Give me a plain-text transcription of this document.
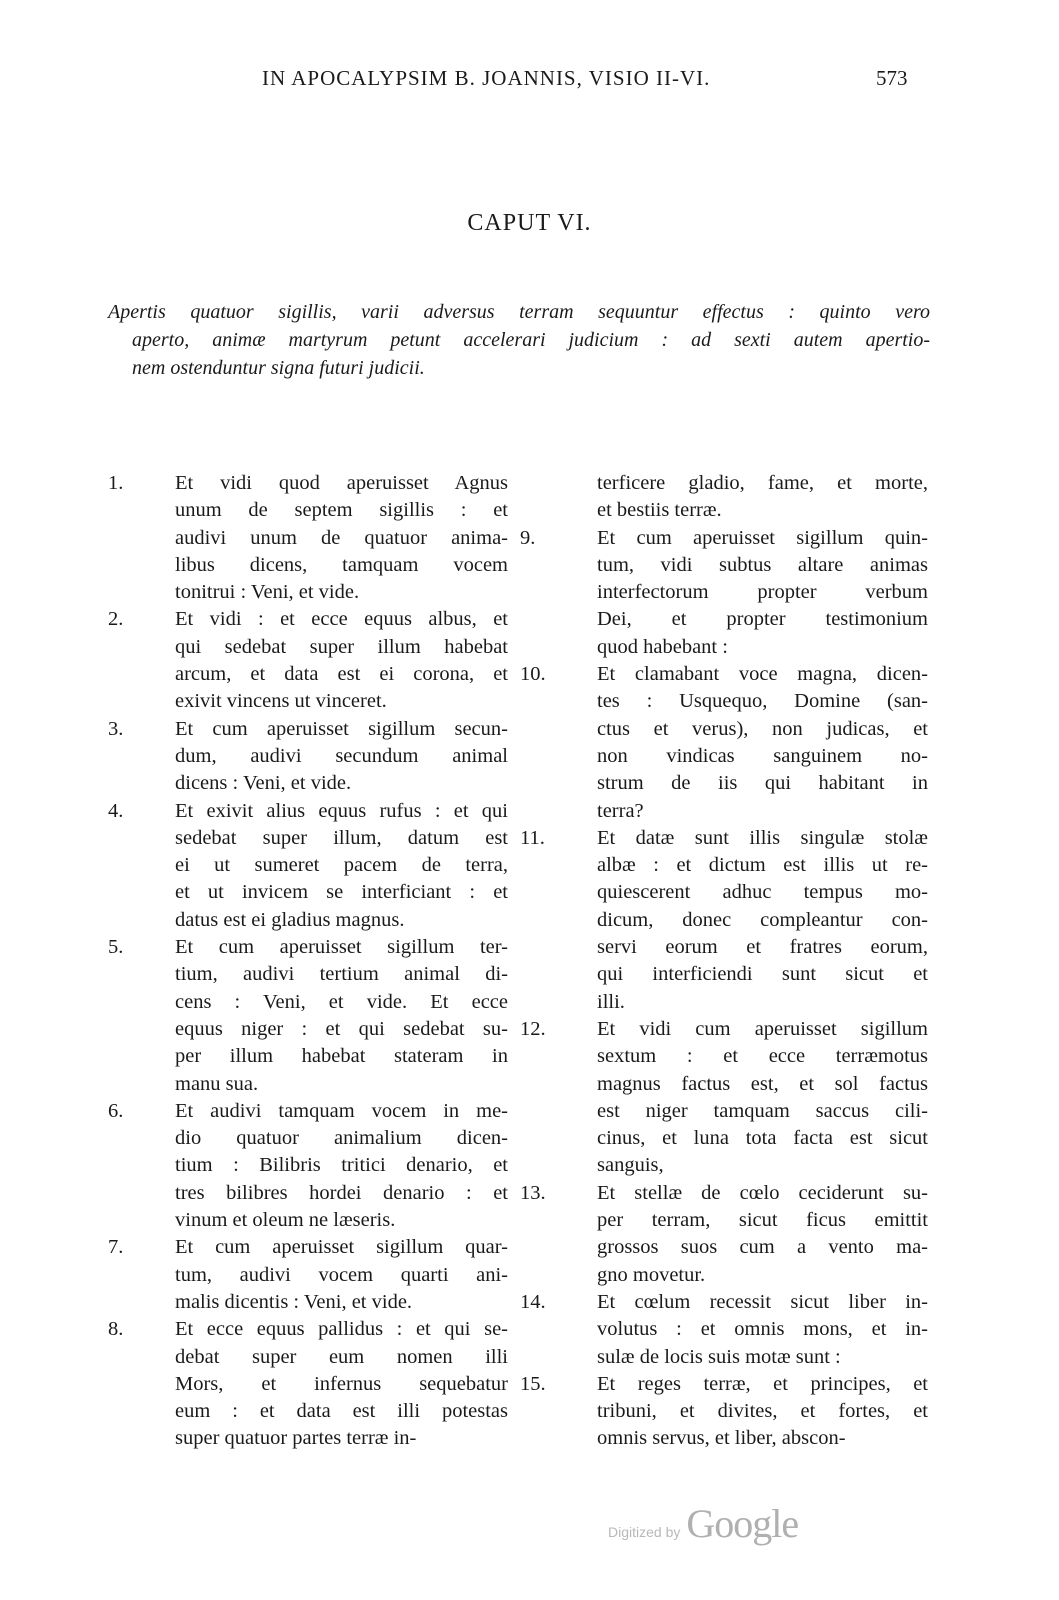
IN APOCALYPSIM B. JOANNIS, VISIO II-VI.	573
CAPUT VI.
Apertis quatuor sigillis, varii adversus terram sequuntur effectus : quinto vero
aperto, animæ martyrum petunt accelerari judicium : ad sexti autem apertio-
nem ostenduntur signa futuri judicii.
1.	Et vidi quod aperuisset Agnus
unum de septem sigillis : et
audivi unum de quatuor anima-
libus dicens, tamquam vocem
tonitrui : Veni, et vide.
2.	Et vidi : et ecce equus albus, et
qui sedebat super illum habebat
arcum, et data est ei corona, et
exivit vincens ut vinceret.
3.	Et cum aperuisset sigillum secun-
dum, audivi secundum animal
dicens : Veni, et vide.
4.	Et exivit alius equus rufus : et qui
sedebat super illum, datum est
ei ut sumeret pacem de terra,
et ut invicem se interficiant : et
datus est ei gladius magnus.
5.	Et cum aperuisset sigillum ter-
tium, audivi tertium animal di-
cens : Veni, et vide. Et ecce
equus niger : et qui sedebat su-
per illum habebat stateram in
manu sua.
6.	Et audivi tamquam vocem in me-
dio quatuor animalium dicen-
tium : Bilibris tritici denario, et
tres bilibres hordei denario : et
vinum et oleum ne læseris.
7.	Et cum aperuisset sigillum quar-
tum, audivi vocem quarti ani-
malis dicentis : Veni, et vide.
8.	Et ecce equus pallidus : et qui se-
debat super eum nomen illi
Mors, et infernus sequebatur
eum : et data est illi potestas
super quatuor partes terræ in-
terficere gladio, fame, et morte,
et bestiis terræ.
9.	Et cum aperuisset sigillum quin-
tum, vidi subtus altare animas
interfectorum propter verbum
Dei, et propter testimonium
quod habebant :
10.	Et clamabant voce magna, dicen-
tes : Usquequo, Domine (san-
ctus et verus), non judicas, et
non vindicas sanguinem no-
strum de iis qui habitant in
terra?
11.	Et datæ sunt illis singulæ stolæ
albæ : et dictum est illis ut re-
quiescerent adhuc tempus mo-
dicum, donec compleantur con-
servi eorum et fratres eorum,
qui interficiendi sunt sicut et
illi.
12.	Et vidi cum aperuisset sigillum
sextum : et ecce terræmotus
magnus factus est, et sol factus
est niger tamquam saccus cili-
cinus, et luna tota facta est sicut
sanguis,
13.	Et stellæ de cœlo ceciderunt su-
per terram, sicut ficus emittit
grossos suos cum a vento ma-
gno movetur.
14.	Et cœlum recessit sicut liber in-
volutus : et omnis mons, et in-
sulæ de locis suis motæ sunt :
15.	Et reges terræ, et principes, et
tribuni, et divites, et fortes, et
omnis servus, et liber, abscon-
Digitized by Google
